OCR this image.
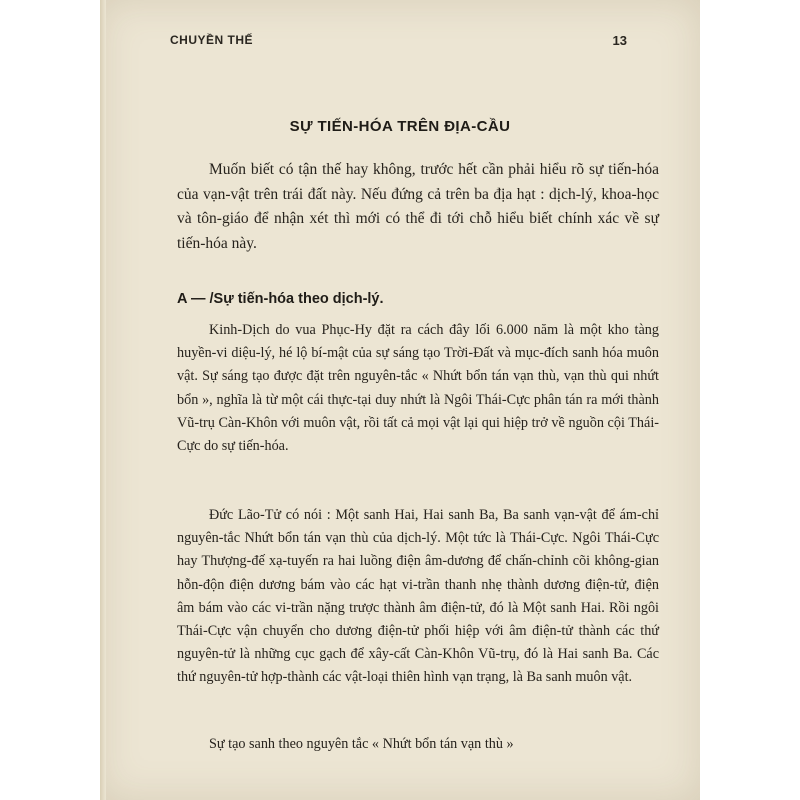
CHUYỀN THẾ	13
SỰ TIẾN-HÓA TRÊN ĐỊA-CẦU

Muốn biết có tận thế hay không, trước hết cần phải hiểu rõ sự tiến-hóa của vạn-vật trên trái đất này. Nếu đứng cả trên ba địa hạt : dịch-lý, khoa-học và tôn-giáo để nhận xét thì mới có thể đi tới chỗ hiểu biết chính xác về sự tiến-hóa này.

A — /Sự tiến-hóa theo dịch-lý.

Kinh-Dịch do vua Phục-Hy đặt ra cách đây lối 6.000 năm là một kho tàng huyền-vi diệu-lý, hé lộ bí-mật của sự sáng tạo Trời-Đất và mục-đích sanh hóa muôn vật. Sự sáng tạo được đặt trên nguyên-tắc « Nhứt bổn tán vạn thù, vạn thù qui nhứt bổn », nghĩa là từ một cái thực-tại duy nhứt là Ngôi Thái-Cực phân tán ra mới thành Vũ-trụ Càn-Khôn với muôn vật, rồi tất cả mọi vật lại qui hiệp trở về nguồn cội Thái-Cực do sự tiến-hóa.

Đức Lão-Tử có nói : Một sanh Hai, Hai sanh Ba, Ba sanh vạn-vật để ám-chỉ nguyên-tắc Nhứt bổn tán vạn thù của dịch-lý. Một tức là Thái-Cực. Ngôi Thái-Cực hay Thượng-đế xạ-tuyến ra hai luồng điện âm-dương để chấn-chỉnh cõi không-gian hỗn-độn điện dương bám vào các hạt vi-trần thanh nhẹ thành dương điện-tử, điện âm bám vào các vi-trần nặng trược thành âm điện-tử, đó là Một sanh Hai. Rồi ngôi Thái-Cực vận chuyển cho dương điện-tử phối hiệp với âm điện-tử thành các thứ nguyên-tử là những cục gạch để xây-cất Càn-Khôn Vũ-trụ, đó là Hai sanh Ba. Các thứ nguyên-tử hợp-thành các vật-loại thiên hình vạn trạng, là Ba sanh muôn vật.

Sự tạo sanh theo nguyên tắc « Nhứt bổn tán vạn thù »
